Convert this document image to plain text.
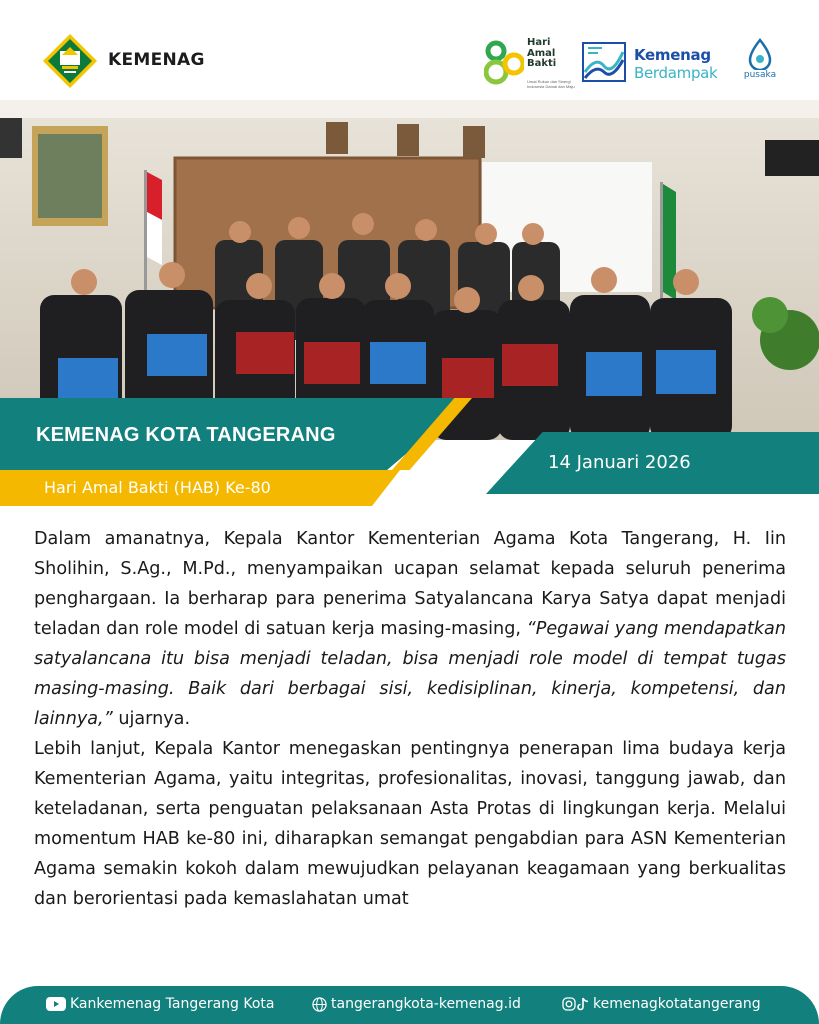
KEMENAG
Hari
Amal
Bakti
Umat Rukun dan Sinergi Indonesia Damai dan Maju
Kemenag
Berdampak	pusaka
KEMENAG KOTA TANGERANG
Hari Amal Bakti (HAB) Ke-80
14 Januari 2026

Dalam amanatnya, Kepala Kantor Kementerian Agama Kota Tangerang, H. Iin Sholihin, S.Ag., M.Pd., menyampaikan ucapan selamat kepada seluruh penerima penghargaan. Ia berharap para penerima Satyalancana Karya Satya dapat menjadi teladan dan role model di satuan kerja masing-masing, “Pegawai yang mendapatkan satyalancana itu bisa menjadi teladan, bisa menjadi role model di tempat tugas masing-masing. Baik dari berbagai sisi, kedisiplinan, kinerja, kompetensi, dan lainnya,” ujarnya.

Lebih lanjut, Kepala Kantor menegaskan pentingnya penerapan lima budaya kerja Kementerian Agama, yaitu integritas, profesionalitas, inovasi, tanggung jawab, dan keteladanan, serta penguatan pelaksanaan Asta Protas di lingkungan kerja. Melalui momentum HAB ke-80 ini, diharapkan semangat pengabdian para ASN Kementerian Agama semakin kokoh dalam mewujudkan pelayanan keagamaan yang berkualitas dan berorientasi pada kemaslahatan umat

Kankemenag Tangerang Kota	tangerangkota-kemenag.id	kemenagkotatangerang
